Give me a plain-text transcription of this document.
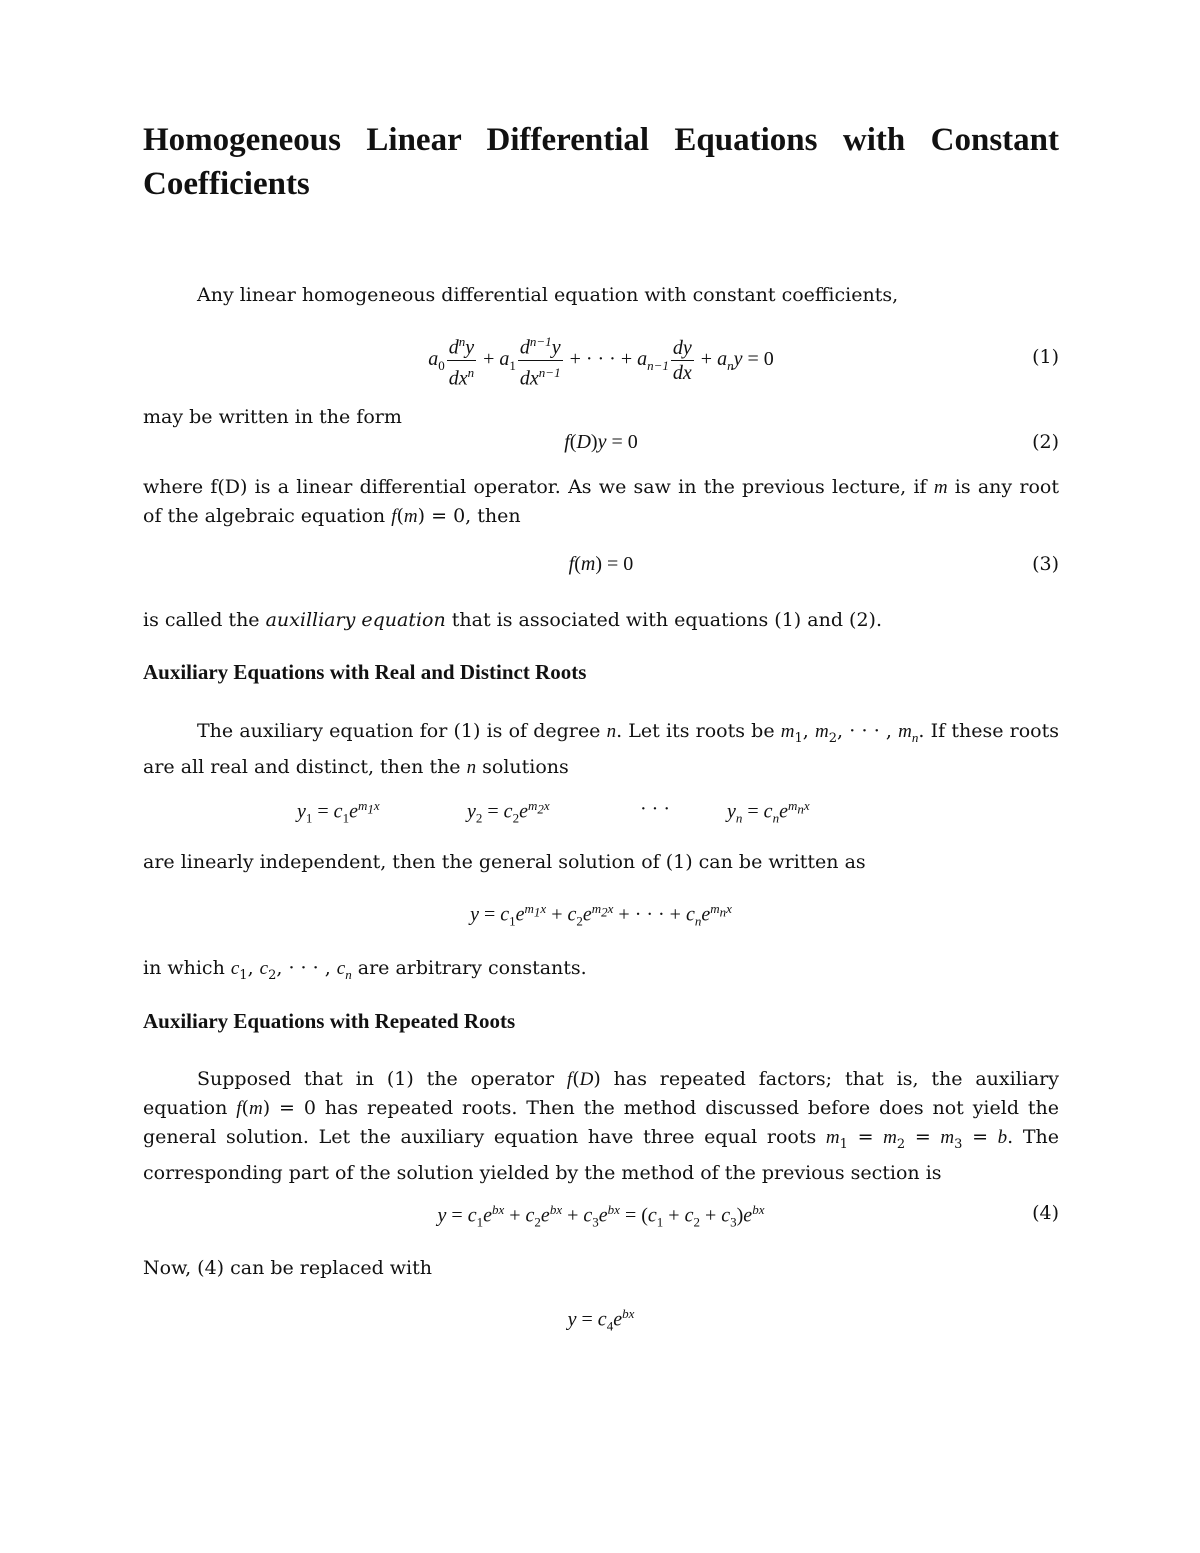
Homogeneous Linear Differential Equations with Constant Coefficients
Any linear homogeneous differential equation with constant coefficients,
$a_0 \frac{d^ny}{dx^n} + a_1 \frac{d^{n-1}y}{dx^{n-1}}$ + · · · + $a_{n-1} \frac{dy}{dx} + a_ny = 0$	(1)
may be written in the form
f(D)y = 0	(2)
where f(D) is a linear differential operator. As we saw in the previous lecture, if m is any root of the algebraic equation f(m) = 0, then
f(m) = 0	(3)
is called the auxilliary equation that is associated with equations (1) and (2).
Auxiliary Equations with Real and Distinct Roots
The auxiliary equation for (1) is of degree n. Let its roots be $m_1$, $m_2$, · · · , $m_n$. If these roots are all real and distinct, then the n solutions
$y_1 = c_1e^{m_1x}$	$y_2 = c_2e^{m_2x}$	· · ·	$y_n = c_ne^{m_nx}$
are linearly independent, then the general solution of (1) can be written as
$y = c_1e^{m_1x} + c_2e^{m_2x}$ + · · · + $c_ne^{m_nx}$
in which $c_1$, $c_2$, · · · , $c_n$ are arbitrary constants.
Auxiliary Equations with Repeated Roots
Supposed that in (1) the operator f(D) has repeated factors; that is, the auxiliary equation f(m) = 0 has repeated roots. Then the method discussed before does not yield the general solution. Let the auxiliary equation have three equal roots $m_1 = m_2 = m_3 = b$. The corresponding part of the solution yielded by the method of the previous section is
$y = c_1e^{bx} + c_2e^{bx} + c_3e^{bx} = (c_1 + c_2 + c_3)e^{bx}$	(4)
Now, (4) can be replaced with
$y = c_4e^{bx}$
